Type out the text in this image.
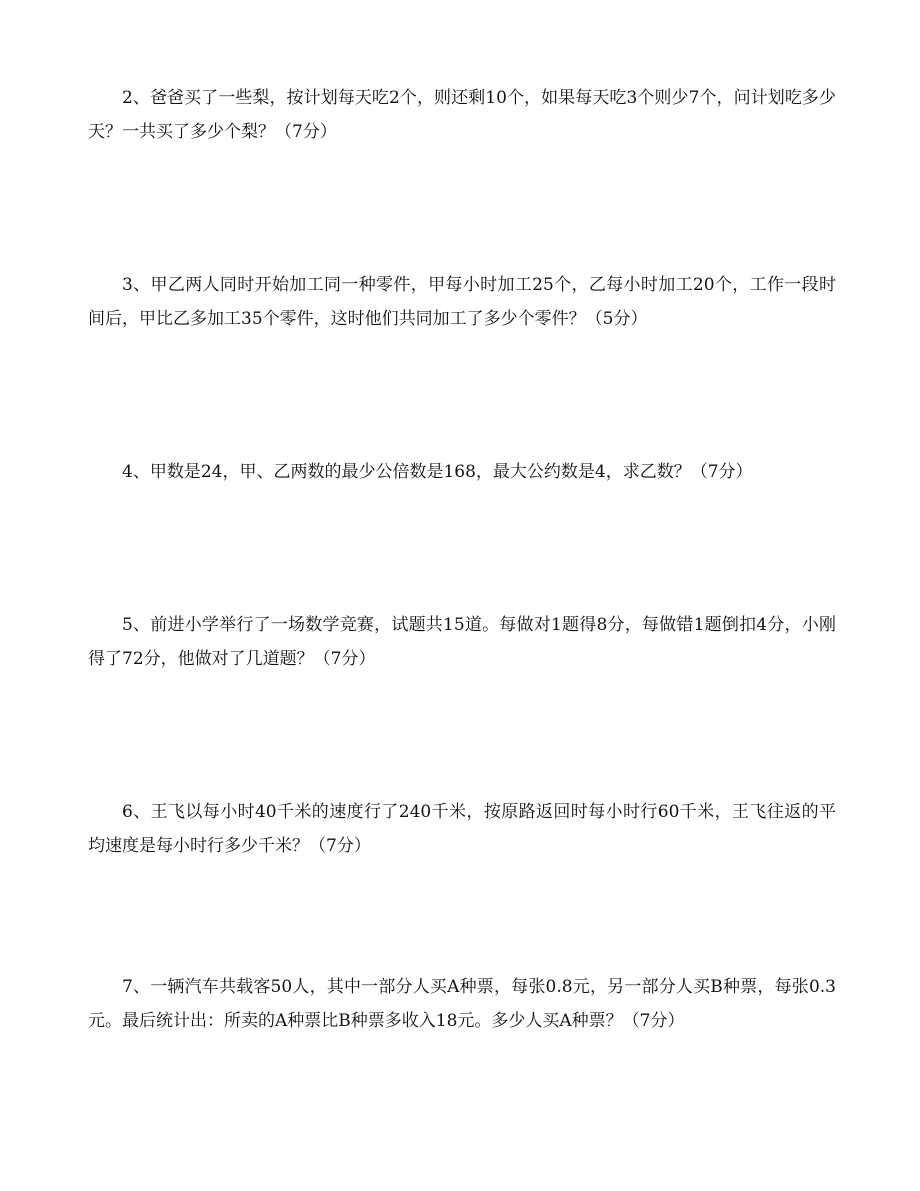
2、爸爸买了一些梨，按计划每天吃2个，则还剩10个，如果每天吃3个则少7个，问计划吃多少天？一共买了多少个梨？（7分）

3、甲乙两人同时开始加工同一种零件，甲每小时加工25个，乙每小时加工20个，工作一段时间后，甲比乙多加工35个零件，这时他们共同加工了多少个零件？（5分）

4、甲数是24，甲、乙两数的最少公倍数是168，最大公约数是4，求乙数？（7分）

5、前进小学举行了一场数学竞赛，试题共15道。每做对1题得8分，每做错1题倒扣4分，小刚得了72分，他做对了几道题？（7分）

6、王飞以每小时40千米的速度行了240千米，按原路返回时每小时行60千米，王飞往返的平均速度是每小时行多少千米？（7分）

7、一辆汽车共载客50人，其中一部分人买A种票，每张0.8元，另一部分人买B种票，每张0.3元。最后统计出：所卖的A种票比B种票多收入18元。多少人买A种票？（7分）
